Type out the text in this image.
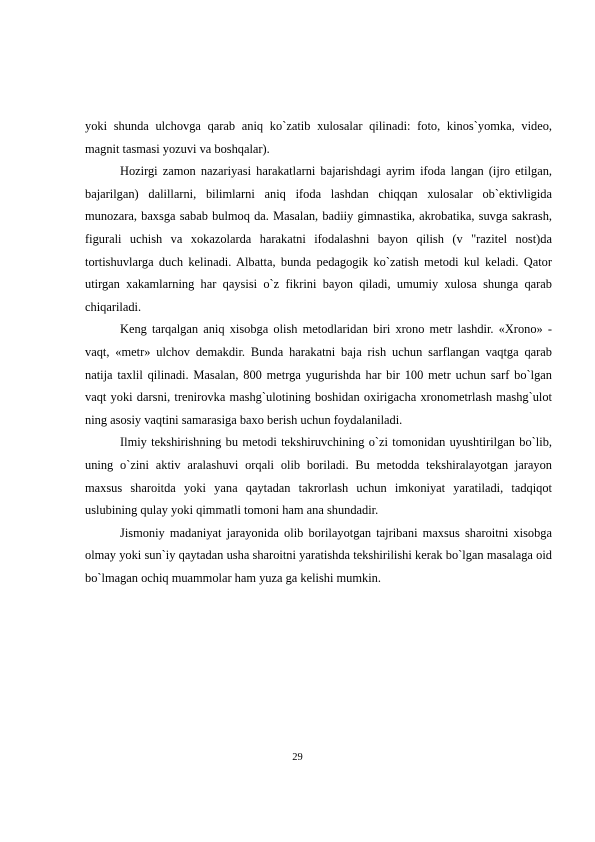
yoki shunda ulchovga qarab aniq ko`zatib xulosalar qilinadi: foto, kinos`yomka, video, magnit tasmasi yozuvi va boshqalar).

Hozirgi zamon nazariyasi harakatlarni bajarishdagi ayrim ifoda langan (ijro etilgan, bajarilgan) dalillarni, bilimlarni aniq ifoda lashdan chiqqan xulosalar ob`ektivligida munozara, baxsga sabab bulmoq da. Masalan, badiiy gimnastika, akrobatika, suvga sakrash, figurali uchish va xokazolarda harakatni ifodalashni bayon qilish (v "razitel nost)da tortishuvlarga duch kelinadi. Albatta, bunda pedagogik ko`zatish metodi kul keladi. Qator utirgan xakamlarning har qaysisi o`z fikrini bayon qiladi, umumiy xulosa shunga qarab chiqariladi.

Keng tarqalgan aniq xisobga olish metodlaridan biri xrono metr lashdir. «Xrono» - vaqt, «metr» ulchov demakdir. Bunda harakatni baja rish uchun sarflangan vaqtga qarab natija taxlil qilinadi. Masalan, 800 metrga yugurishda har bir 100 metr uchun sarf bo`lgan vaqt yoki darsni, trenirovka mashg`ulotining boshidan oxirigacha xronometrlash mashg`ulot ning asosiy vaqtini samarasiga baxo berish uchun foydalaniladi.

Ilmiy tekshirishning bu metodi tekshiruvchining o`zi tomonidan uyushtirilgan bo`lib, uning o`zini aktiv aralashuvi orqali olib boriladi. Bu metodda tekshiralayotgan jarayon maxsus sharoitda yoki yana qaytadan takrorlash uchun imkoniyat yaratiladi, tadqiqot uslubining qulay yoki qimmatli tomoni ham ana shundadir.

Jismoniy madaniyat jarayonida olib borilayotgan tajribani maxsus sharoitni xisobga olmay yoki sun`iy qaytadan usha sharoitni yaratishda tekshirilishi kerak bo`lgan masalaga oid bo`lmagan ochiq muammolar ham yuza ga kelishi mumkin.

29
